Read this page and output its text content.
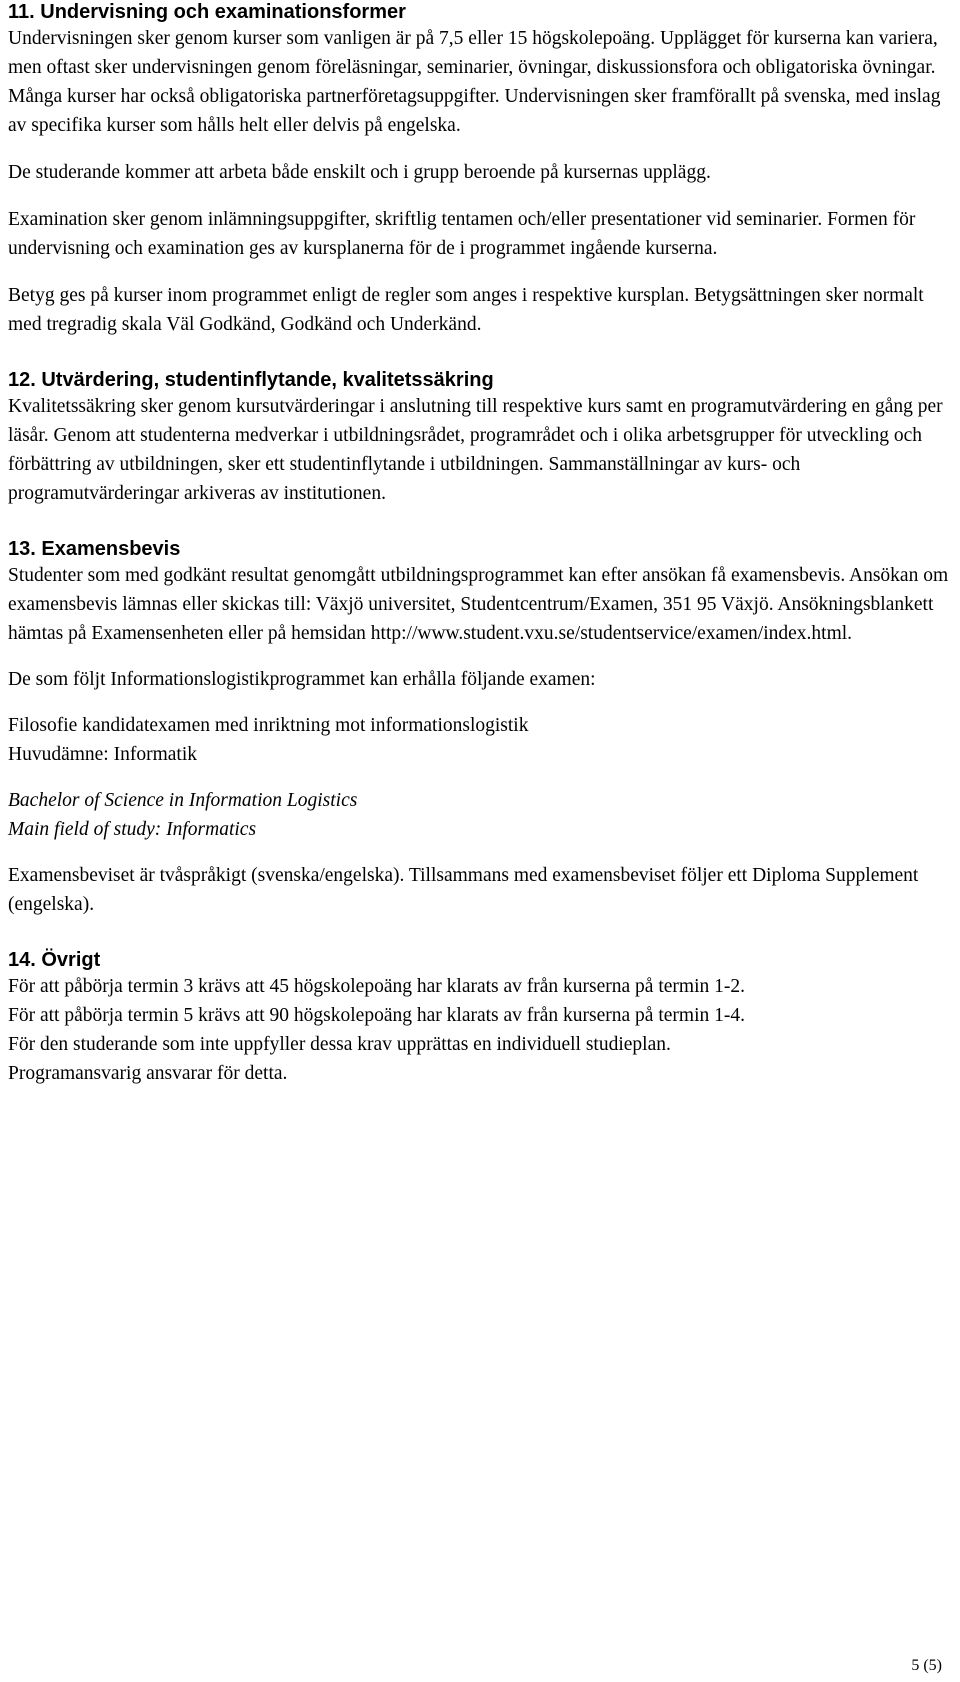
11. Undervisning och examinationsformer

Undervisningen sker genom kurser som vanligen är på 7,5 eller 15 högskolepoäng. Upplägget för kurserna kan variera, men oftast sker undervisningen genom föreläsningar, seminarier, övningar, diskussionsfora och obligatoriska övningar. Många kurser har också obligatoriska partnerföretagsuppgifter. Undervisningen sker framförallt på svenska, med inslag av specifika kurser som hålls helt eller delvis på engelska.

De studerande kommer att arbeta både enskilt och i grupp beroende på kursernas upplägg.

Examination sker genom inlämningsuppgifter, skriftlig tentamen och/eller presentationer vid seminarier. Formen för undervisning och examination ges av kursplanerna för de i programmet ingående kurserna.

Betyg ges på kurser inom programmet enligt de regler som anges i respektive kursplan. Betygsättningen sker normalt med tregradig skala Väl Godkänd, Godkänd och Underkänd.

12. Utvärdering, studentinflytande, kvalitetssäkring

Kvalitetssäkring sker genom kursutvärderingar i anslutning till respektive kurs samt en programutvärdering en gång per läsår. Genom att studenterna medverkar i utbildningsrådet, programrådet och i olika arbetsgrupper för utveckling och förbättring av utbildningen, sker ett studentinflytande i utbildningen. Sammanställningar av kurs- och programutvärderingar arkiveras av institutionen.

13. Examensbevis

Studenter som med godkänt resultat genomgått utbildningsprogrammet kan efter ansökan få examensbevis. Ansökan om examensbevis lämnas eller skickas till: Växjö universitet, Studentcentrum/Examen, 351 95 Växjö. Ansökningsblankett hämtas på Examensenheten eller på hemsidan http://www.student.vxu.se/studentservice/examen/index.html.

De som följt Informationslogistikprogrammet kan erhålla följande examen:

Filosofie kandidatexamen med inriktning mot informationslogistik

Huvudämne: Informatik

Bachelor of Science in Information Logistics

Main field of study: Informatics

Examensbeviset är tvåspråkigt (svenska/engelska). Tillsammans med examensbeviset följer ett Diploma Supplement (engelska).

14. Övrigt

För att påbörja termin 3 krävs att 45 högskolepoäng har klarats av från kurserna på termin 1-2.

För att påbörja termin 5 krävs att 90 högskolepoäng har klarats av från kurserna på termin 1-4.

För den studerande som inte uppfyller dessa krav upprättas en individuell studieplan.

Programansvarig ansvarar för detta.

5 (5)
